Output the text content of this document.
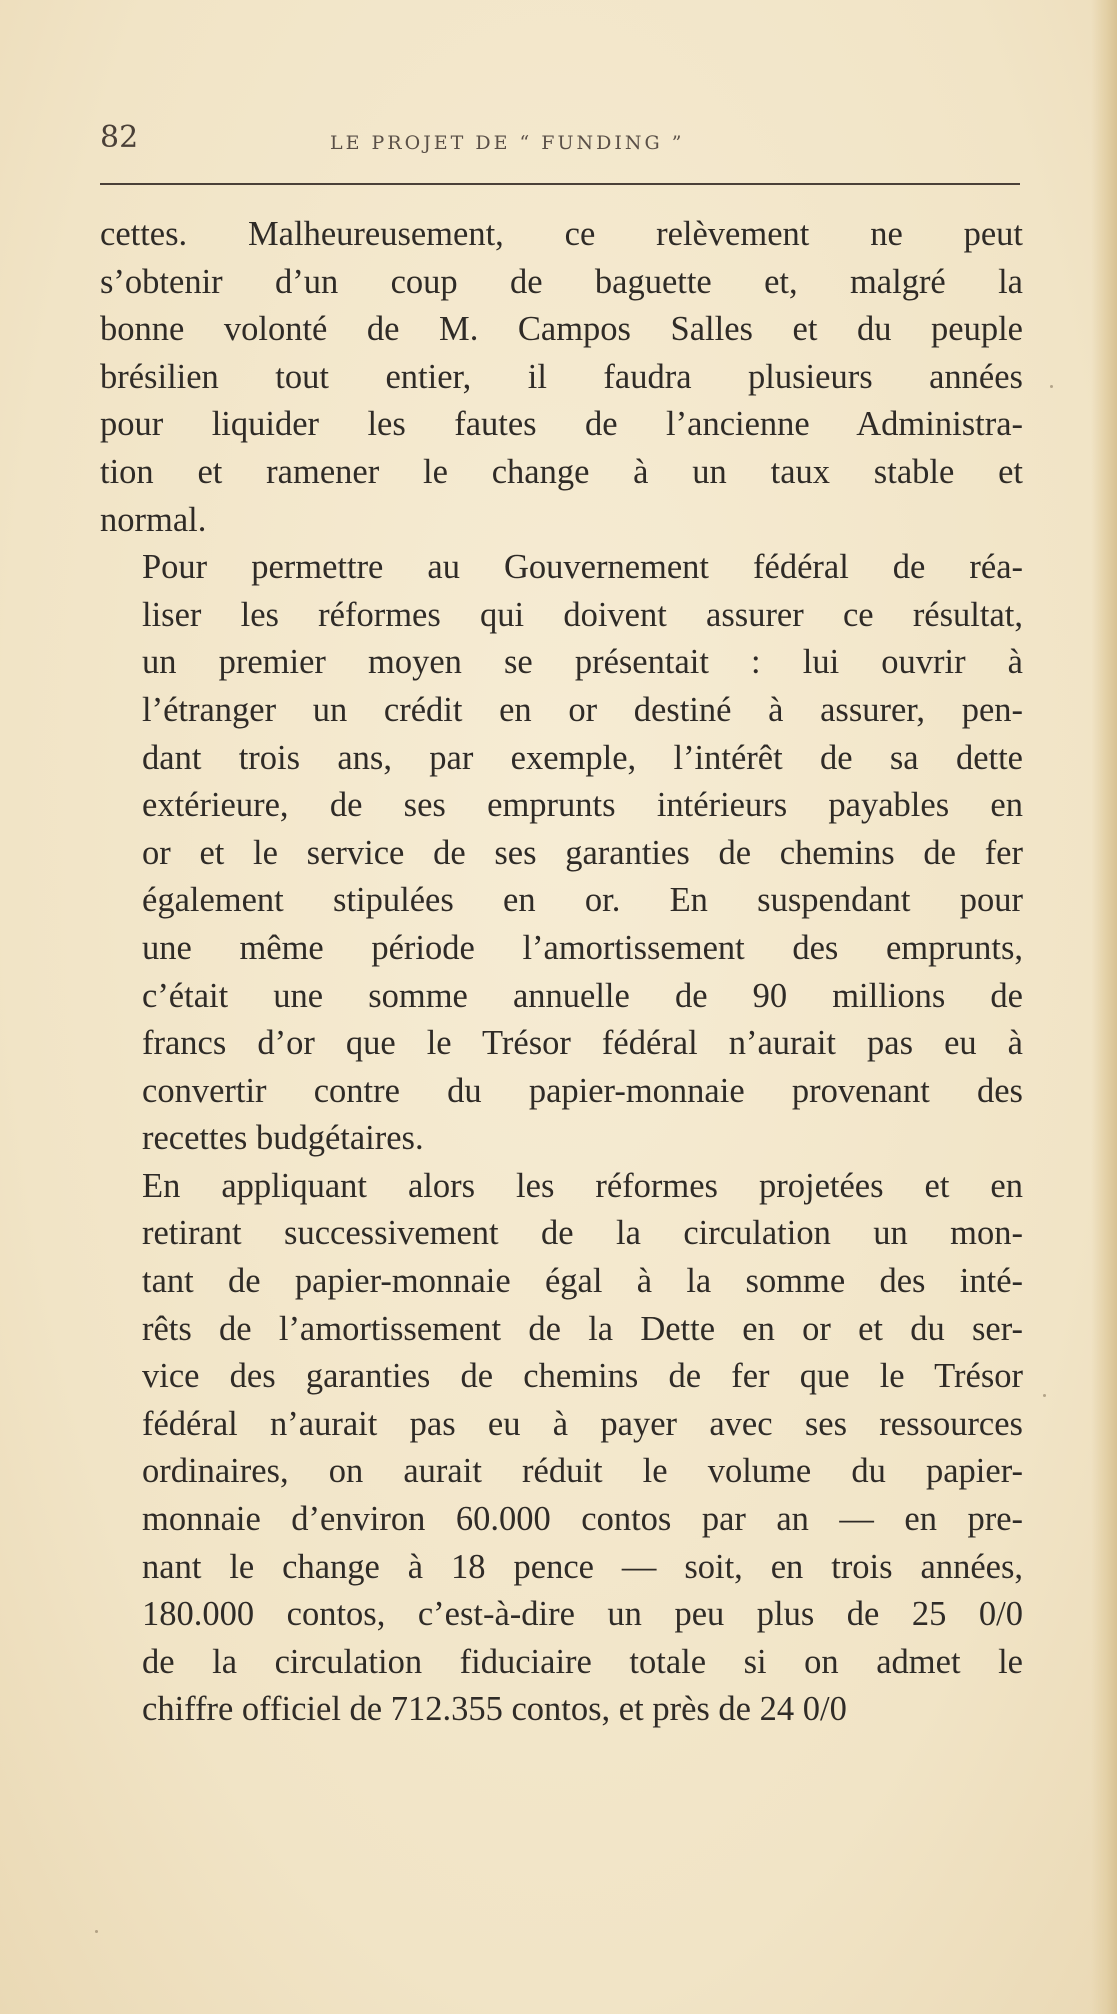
82	LE PROJET DE “ FUNDING ”

cettes. Malheureusement, ce relèvement ne peut
s’obtenir d’un coup de baguette et, malgré la
bonne volonté de M. Campos Salles et du peuple
brésilien tout entier, il faudra plusieurs années
pour liquider les fautes de l’ancienne Administra-
tion et ramener le change à un taux stable et
normal.

Pour permettre au Gouvernement fédéral de réa-
liser les réformes qui doivent assurer ce résultat,
un premier moyen se présentait : lui ouvrir à
l’étranger un crédit en or destiné à assurer, pen-
dant trois ans, par exemple, l’intérêt de sa dette
extérieure, de ses emprunts intérieurs payables en
or et le service de ses garanties de chemins de fer
également stipulées en or. En suspendant pour
une même période l’amortissement des emprunts,
c’était une somme annuelle de 90 millions de
francs d’or que le Trésor fédéral n’aurait pas eu à
convertir contre du papier-monnaie provenant des
recettes budgétaires.

En appliquant alors les réformes projetées et en
retirant successivement de la circulation un mon-
tant de papier-monnaie égal à la somme des inté-
rêts de l’amortissement de la Dette en or et du ser-
vice des garanties de chemins de fer que le Trésor
fédéral n’aurait pas eu à payer avec ses ressources
ordinaires, on aurait réduit le volume du papier-
monnaie d’environ 60.000 contos par an — en pre-
nant le change à 18 pence — soit, en trois années,
180.000 contos, c’est-à-dire un peu plus de 25 0/0
de la circulation fiduciaire totale si on admet le
chiffre officiel de 712.355 contos, et près de 24 0/0
